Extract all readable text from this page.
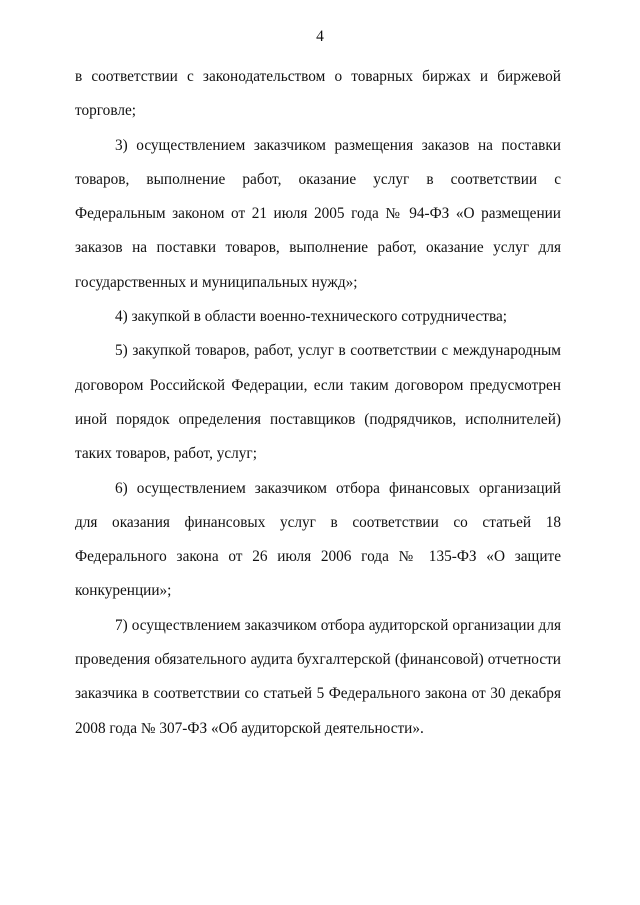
4

в соответствии с законодательством о товарных биржах и биржевой торговле;

3) осуществлением заказчиком размещения заказов на поставки товаров, выполнение работ, оказание услуг в соответствии с Федеральным законом от 21 июля 2005 года № 94-ФЗ «О размещении заказов на поставки товаров, выполнение работ, оказание услуг для государственных и муниципальных нужд»;

4) закупкой в области военно-технического сотрудничества;

5) закупкой товаров, работ, услуг в соответствии с международным договором Российской Федерации, если таким договором предусмотрен иной порядок определения поставщиков (подрядчиков, исполнителей) таких товаров, работ, услуг;

6) осуществлением заказчиком отбора финансовых организаций для оказания финансовых услуг в соответствии со статьей 18 Федерального закона от 26 июля 2006 года № 135-ФЗ «О защите конкуренции»;

7) осуществлением заказчиком отбора аудиторской организации для проведения обязательного аудита бухгалтерской (финансовой) отчетности заказчика в соответствии со статьей 5 Федерального закона от 30 декабря 2008 года № 307-ФЗ «Об аудиторской деятельности».
